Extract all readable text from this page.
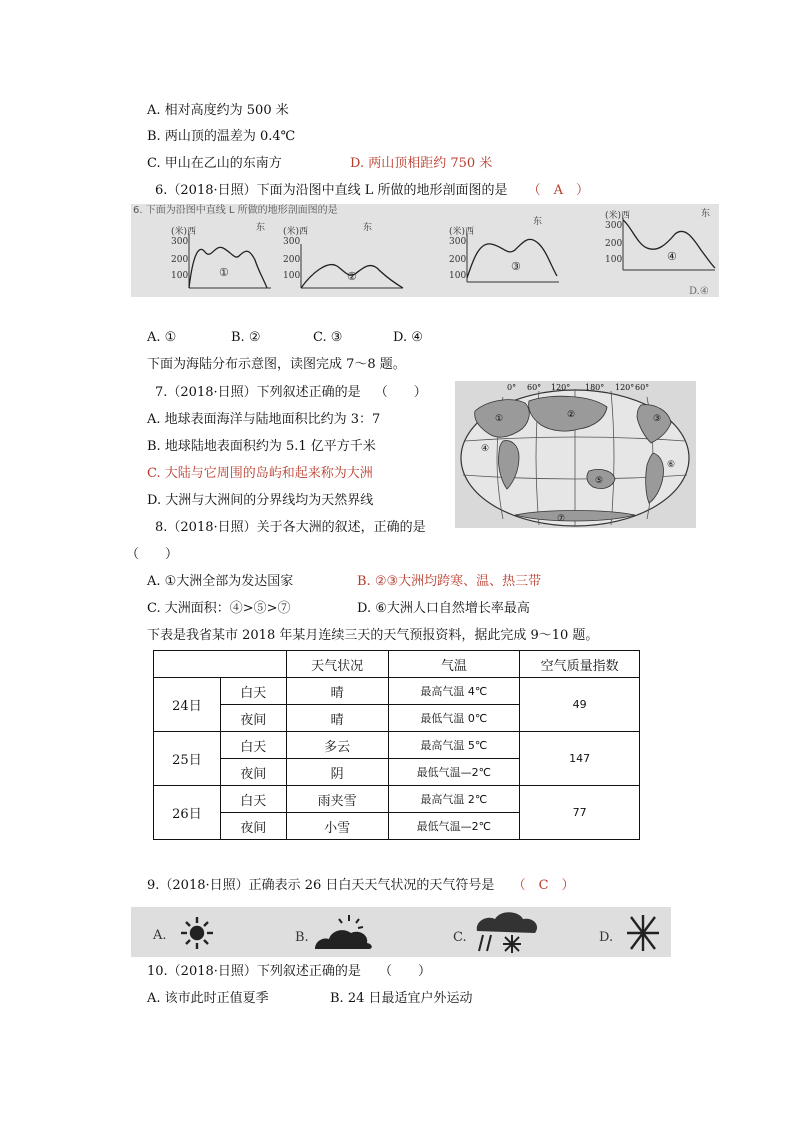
A. 相对高度约为 500 米
B. 两山顶的温差为 0.4℃
C. 甲山在乙山的东南方	D. 两山顶相距约 750 米
6.（2018·日照）下面为沿图中直线 L 所做的地形剖面图的是 （　A　）
6. 下面为沿图中直线 L 所做的地形剖面图的是
(米)西	东
300
200
100	①
(米)西	东
300
200
100	②
(米)西
东
300
200
100
③
(米)西	东
300
200
100	④
D.④
A. ①	B. ②	C. ③	D. ④
下面为海陆分布示意图，读图完成 7～8 题。
7.（2018·日照）下列叙述正确的是 （　　）
A. 地球表面海洋与陆地面积比约为 3：7
B. 地球陆地表面积约为 5.1 亿平方千米
C. 大陆与它周围的岛屿和起来称为大洲
D. 大洲与大洲间的分界线均为天然界线
0° 60° 120° 180° 120° 60°
①	②	③
④
⑤
⑥
⑦
8.（2018·日照）关于各大洲的叙述，正确的是
（　　）
A. ①大洲全部为发达国家	B. ②③大洲均跨寒、温、热三带
C. 大洲面积：④>⑤>⑦	D. ⑥大洲人口自然增长率最高
下表是我省某市 2018 年某月连续三天的天气预报资料，据此完成 9～10 题。
		天气状况	气温	空气质量指数
24日	白天	晴	最高气温 4℃	49
	夜间	晴	最低气温 0℃	
25日	白天	多云	最高气温 5℃	147
	夜间	阴	最低气温—2℃	
26日	白天	雨夹雪	最高气温 2℃	77
	夜间	小雪	最低气温—2℃	
9.（2018·日照）正确表示 26 日白天天气状况的天气符号是 （　C　）
A.	B.	C.	D.
10.（2018·日照）下列叙述正确的是 （　　）
A. 该市此时正值夏季	B. 24 日最适宜户外运动
